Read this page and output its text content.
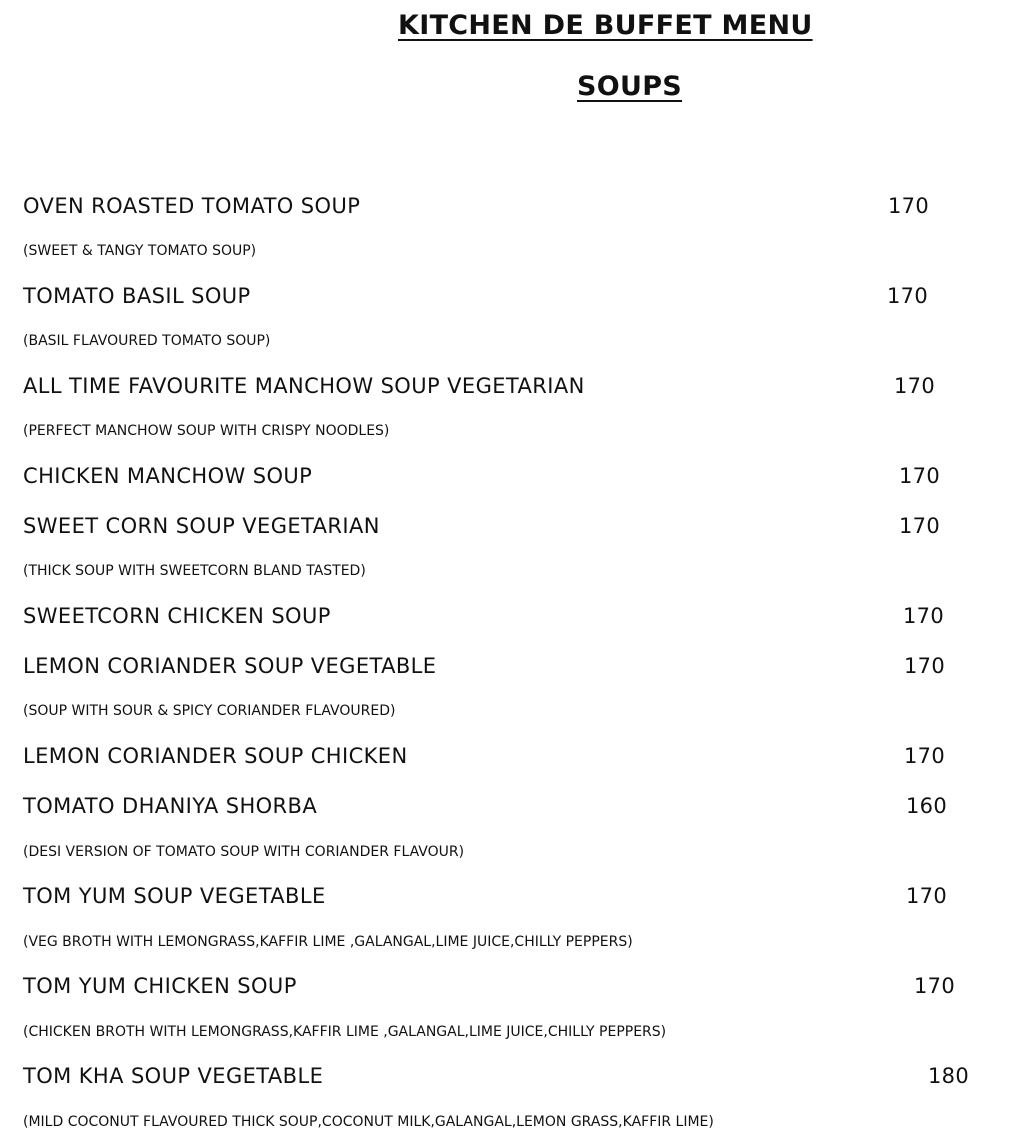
KITCHEN DE BUFFET MENU
SOUPS
OVEN ROASTED TOMATO SOUP	170
(SWEET & TANGY TOMATO SOUP)
TOMATO BASIL SOUP	170
(BASIL FLAVOURED TOMATO SOUP)
ALL TIME FAVOURITE MANCHOW SOUP VEGETARIAN	170
(PERFECT MANCHOW SOUP WITH CRISPY NOODLES)
CHICKEN MANCHOW SOUP	170
SWEET CORN SOUP VEGETARIAN	170
(THICK SOUP WITH SWEETCORN BLAND TASTED)
SWEETCORN CHICKEN SOUP	170
LEMON CORIANDER SOUP VEGETABLE	170
(SOUP WITH SOUR & SPICY CORIANDER FLAVOURED)
LEMON CORIANDER SOUP CHICKEN	170
TOMATO DHANIYA SHORBA	160
(DESI VERSION OF TOMATO SOUP WITH CORIANDER FLAVOUR)
TOM YUM SOUP VEGETABLE	170
(VEG BROTH WITH LEMONGRASS,KAFFIR LIME ,GALANGAL,LIME JUICE,CHILLY PEPPERS)
TOM YUM CHICKEN SOUP	170
(CHICKEN BROTH WITH LEMONGRASS,KAFFIR LIME ,GALANGAL,LIME JUICE,CHILLY PEPPERS)
TOM KHA SOUP VEGETABLE	180
(MILD COCONUT FLAVOURED THICK SOUP,COCONUT MILK,GALANGAL,LEMON GRASS,KAFFIR LIME)
